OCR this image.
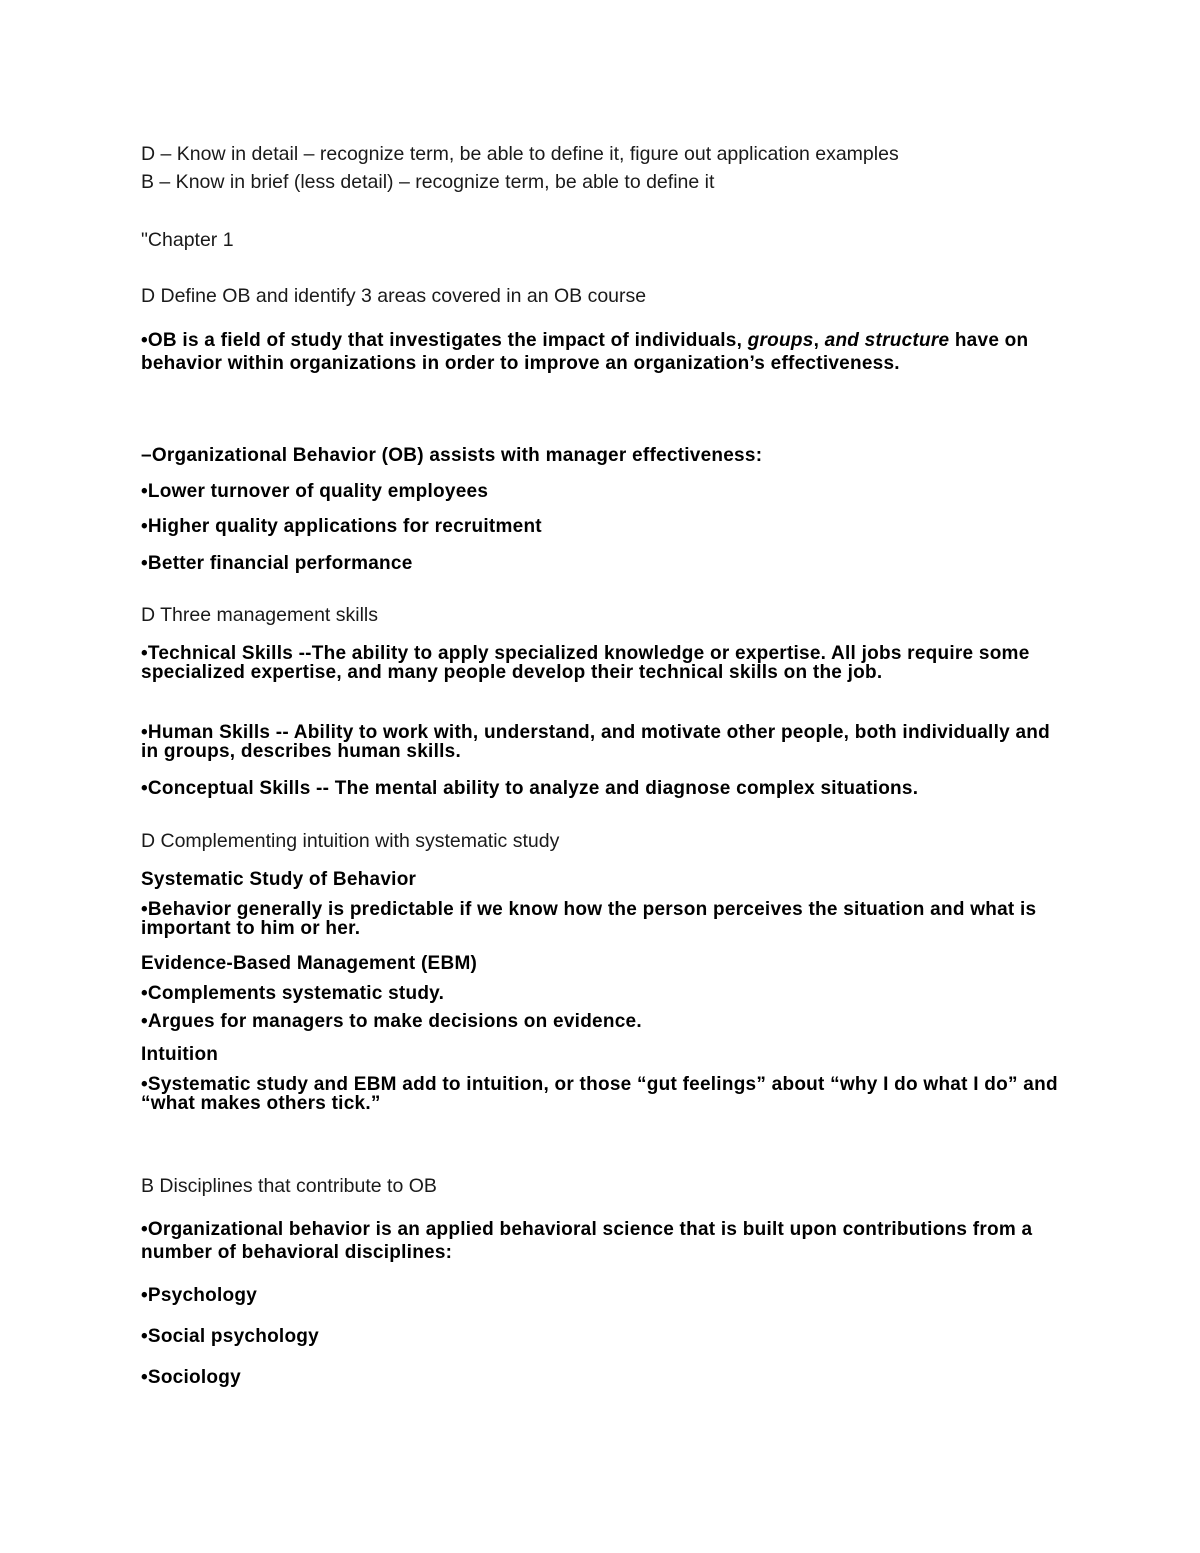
D – Know in detail – recognize term, be able to define it, figure out application examples

B – Know in brief (less detail) – recognize term, be able to define it

"Chapter 1

D Define OB and identify 3 areas covered in an OB course

•OB is a field of study that investigates the impact of individuals, groups, and structure have on behavior within organizations in order to improve an organization’s effectiveness.

–Organizational Behavior (OB) assists with manager effectiveness:

•Lower turnover of quality employees

•Higher quality applications for recruitment

•Better financial performance

D Three management skills

•Technical Skills --The ability to apply specialized knowledge or expertise. All jobs require some specialized expertise, and many people develop their technical skills on the job.

•Human Skills -- Ability to work with, understand, and motivate other people, both individually and in groups, describes human skills.

•Conceptual Skills -- The mental ability to analyze and diagnose complex situations.

D Complementing intuition with systematic study

Systematic Study of Behavior

•Behavior generally is predictable if we know how the person perceives the situation and what is important to him or her.

Evidence-Based Management (EBM)

•Complements systematic study.

•Argues for managers to make decisions on evidence.

Intuition

•Systematic study and EBM add to intuition, or those “gut feelings” about “why I do what I do” and “what makes others tick.”

B Disciplines that contribute to OB

•Organizational behavior is an applied behavioral science that is built upon contributions from a number of behavioral disciplines:

•Psychology

•Social psychology

•Sociology
